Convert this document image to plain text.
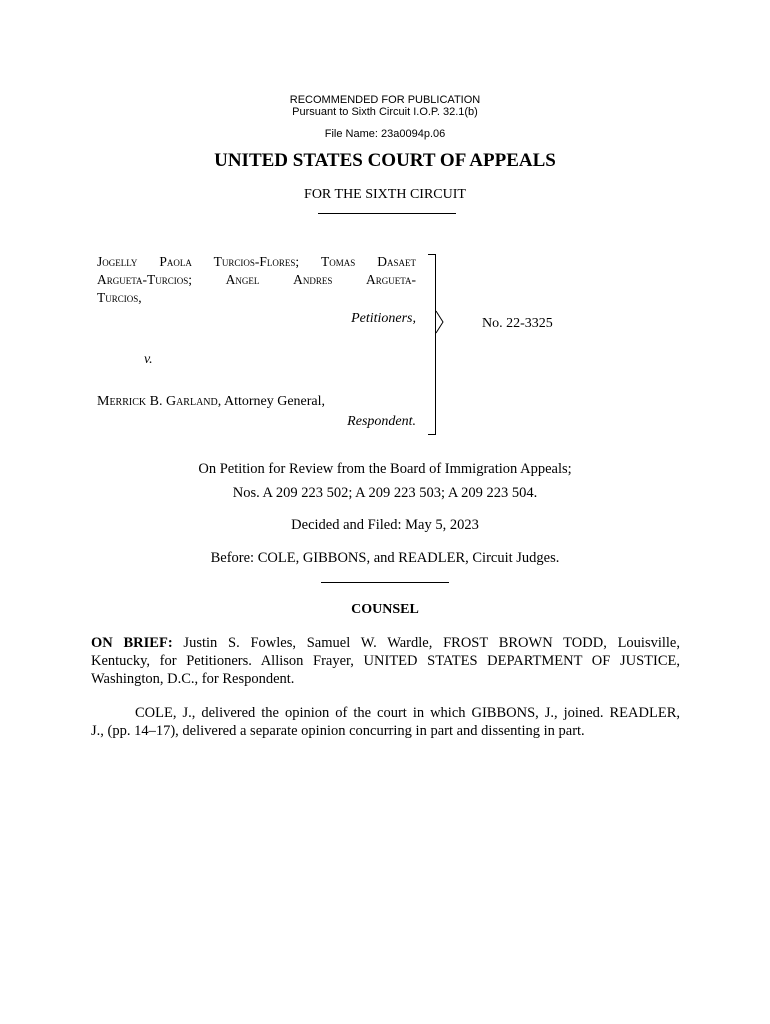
RECOMMENDED FOR PUBLICATION
Pursuant to Sixth Circuit I.O.P. 32.1(b)
File Name: 23a0094p.06
UNITED STATES COURT OF APPEALS
FOR THE SIXTH CIRCUIT
Jogelly Paola Turcios-Flores; Tomas Dasaet
Argueta-Turcios; Angel Andres Argueta-
Turcios,
Petitioners,
v.
Merrick B. Garland, Attorney General,
Respondent.
No. 22-3325
On Petition for Review from the Board of Immigration Appeals;
Nos. A 209 223 502; A 209 223 503; A 209 223 504.
Decided and Filed: May 5, 2023
Before: COLE, GIBBONS, and READLER, Circuit Judges.
COUNSEL
ON BRIEF: Justin S. Fowles, Samuel W. Wardle, FROST BROWN TODD, Louisville,
Kentucky, for Petitioners. Allison Frayer, UNITED STATES DEPARTMENT OF JUSTICE,
Washington, D.C., for Respondent.
COLE, J., delivered the opinion of the court in which GIBBONS, J., joined. READLER,
J., (pp. 14–17), delivered a separate opinion concurring in part and dissenting in part.
